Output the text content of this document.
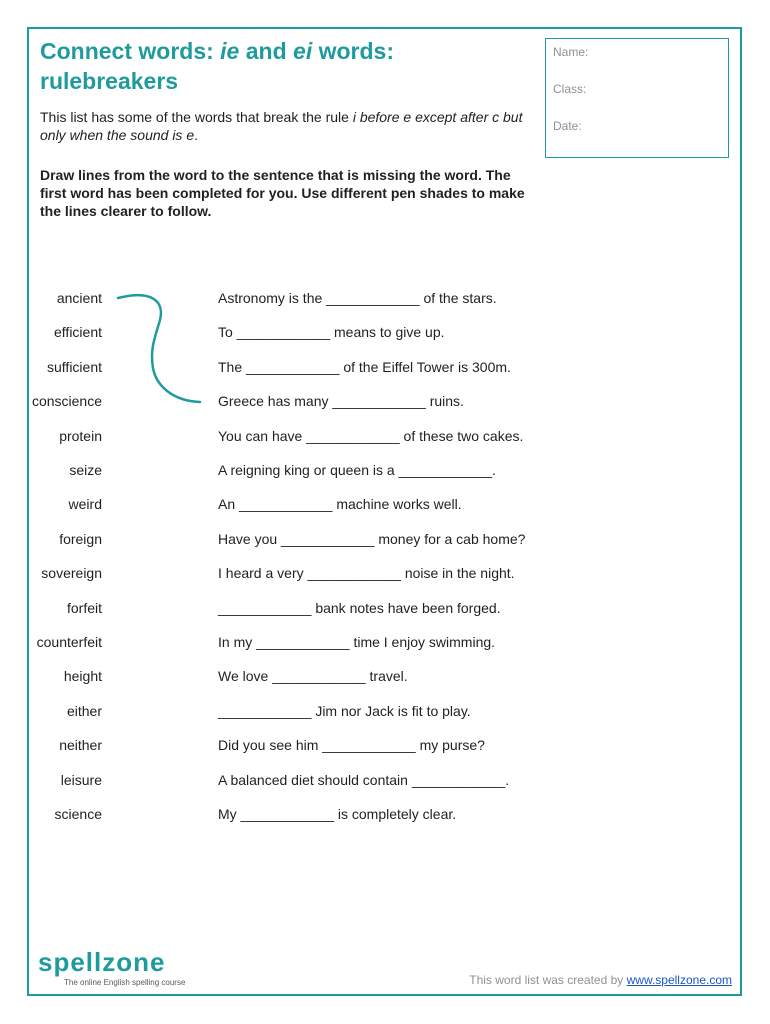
Connect words: ie and ei words: rulebreakers

This list has some of the words that break the rule i before e except after c but only when the sound is e.

Draw lines from the word to the sentence that is missing the word. The first word has been completed for you. Use different pen shades to make the lines clearer to follow.

Name:
Class:
Date:
ancient
efficient
sufficient
conscience
protein
seize
weird
foreign
sovereign
forfeit
counterfeit
height
either
neither
leisure
science
Astronomy is the ____________ of the stars.
To ____________ means to give up.
The ____________ of the Eiffel Tower is 300m.
Greece has many ____________ ruins.
You can have ____________ of these two cakes.
A reigning king or queen is a ____________.
An ____________ machine works well.
Have you ____________ money for a cab home?
I heard a very ____________ noise in the night.
____________ bank notes have been forged.
In my ____________ time I enjoy swimming.
We love ____________ travel.
____________ Jim nor Jack is fit to play.
Did you see him ____________ my purse?
A balanced diet should contain ____________.
My ____________ is completely clear.
spellzone
The online English spelling course	This word list was created by www.spellzone.com
